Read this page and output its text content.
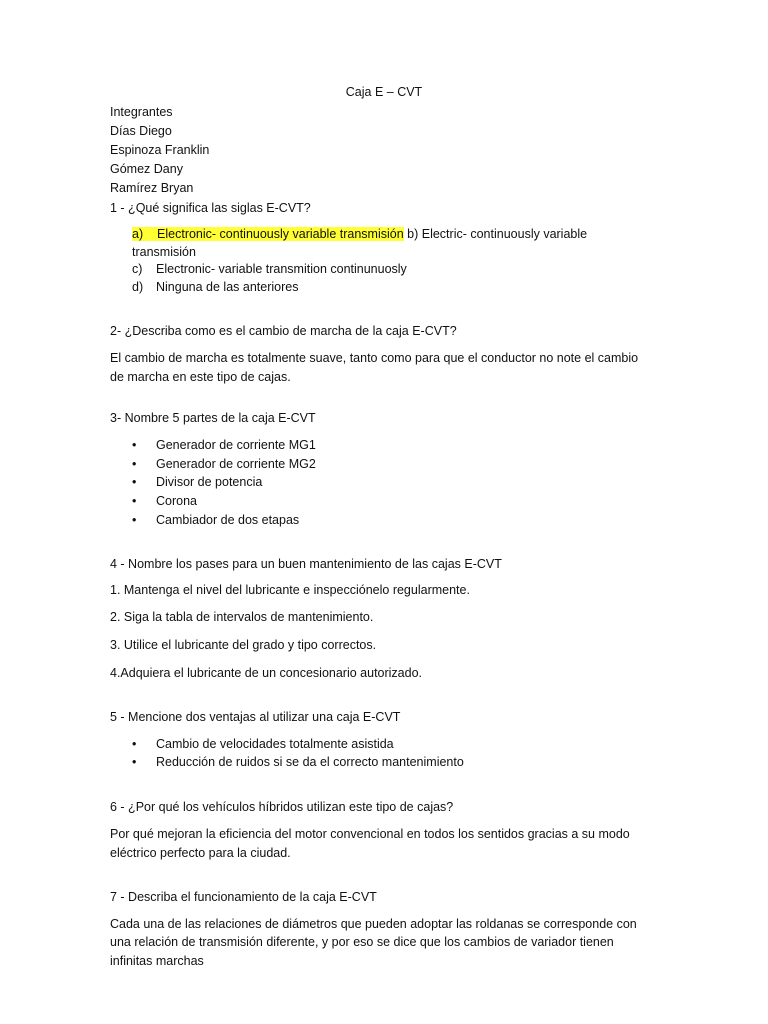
Caja E – CVT
Integrantes
Días Diego
Espinoza Franklin
Gómez Dany
Ramírez Bryan
1 - ¿Qué significa las siglas E-CVT?
a) Electronic- continuously variable transmisión b) Electric- continuously variable
transmisión
c) Electronic- variable transmition continunuosly
d) Ninguna de las anteriores
2- ¿Describa como es el cambio de marcha de la caja E-CVT?
El cambio de marcha es totalmente suave, tanto como para que el conductor no note el cambio
de marcha en este tipo de cajas.
3- Nombre 5 partes de la caja E-CVT
• Generador de corriente MG1
• Generador de corriente MG2
• Divisor de potencia
• Corona
• Cambiador de dos etapas
4 - Nombre los pases para un buen mantenimiento de las cajas E-CVT
1. Mantenga el nivel del lubricante e inspecciónelo regularmente.
2. Siga la tabla de intervalos de mantenimiento.
3. Utilice el lubricante del grado y tipo correctos.
4.Adquiera el lubricante de un concesionario autorizado.
5 - Mencione dos ventajas al utilizar una caja E-CVT
• Cambio de velocidades totalmente asistida
• Reducción de ruidos si se da el correcto mantenimiento
6 - ¿Por qué los vehículos híbridos utilizan este tipo de cajas?
Por qué mejoran la eficiencia del motor convencional en todos los sentidos gracias a su modo
eléctrico perfecto para la ciudad.
7 - Describa el funcionamiento de la caja E-CVT
Cada una de las relaciones de diámetros que pueden adoptar las roldanas se corresponde con
una relación de transmisión diferente, y por eso se dice que los cambios de variador tienen
infinitas marchas
